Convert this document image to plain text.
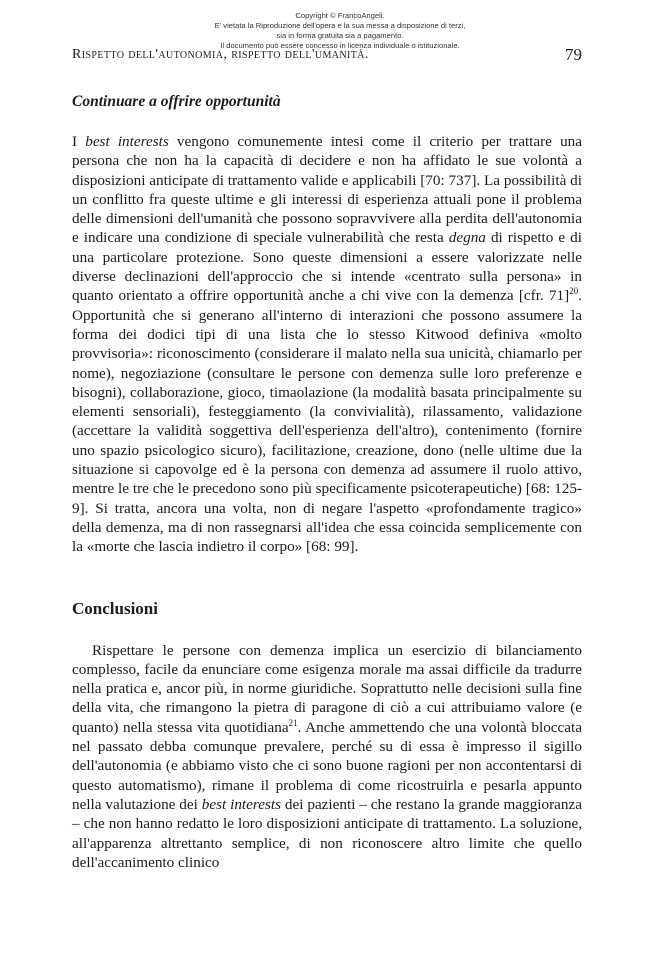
Copyright © FrancoAngeli.
E' vietata la Riproduzione dell'opera e la sua messa a disposizione di terzi,
sia in forma gratuita sia a pagamento.
Il documento può essere concesso in licenza individuale o istituzionale.
Rispetto dell'autonomia, rispetto dell'umanità.	79
Continuare a offrire opportunità

I best interests vengono comunemente intesi come il criterio per trattare una persona che non ha la capacità di decidere e non ha affidato le sue volontà a disposizioni anticipate di trattamento valide e applicabili [70: 737]. La possibilità di un conflitto fra queste ultime e gli interessi di esperienza attuali pone il problema delle dimensioni dell'umanità che possono sopravvivere alla perdita dell'autonomia e indicare una condizione di speciale vulnerabilità che resta degna di rispetto e di una particolare protezione. Sono queste dimensioni a essere valorizzate nelle diverse declinazioni dell'approccio che si intende «centrato sulla persona» in quanto orientato a offrire opportunità anche a chi vive con la demenza [cfr. 71]$^{20}$. Opportunità che si generano all'interno di interazioni che possono assumere la forma dei dodici tipi di una lista che lo stesso Kitwood definiva «molto provvisoria»: riconoscimento (considerare il malato nella sua unicità, chiamarlo per nome), negoziazione (consultare le persone con demenza sulle loro preferenze e bisogni), collaborazione, gioco, timaolazione (la modalità basata principalmente su elementi sensoriali), festeggiamento (la convivialità), rilassamento, validazione (accettare la validità soggettiva dell'esperienza dell'altro), contenimento (fornire uno spazio psicologico sicuro), facilitazione, creazione, dono (nelle ultime due la situazione si capovolge ed è la persona con demenza ad assumere il ruolo attivo, mentre le tre che le precedono sono più specificamente psicoterapeutiche) [68: 125-9]. Si tratta, ancora una volta, non di negare l'aspetto «profondamente tragico» della demenza, ma di non rassegnarsi all'idea che essa coincida semplicemente con la «morte che lascia indietro il corpo» [68: 99].

Conclusioni

Rispettare le persone con demenza implica un esercizio di bilanciamento complesso, facile da enunciare come esigenza morale ma assai difficile da tradurre nella pratica e, ancor più, in norme giuridiche. Soprattutto nelle decisioni sulla fine della vita, che rimangono la pietra di paragone di ciò a cui attribuiamo valore (e quanto) nella stessa vita quotidiana$^{21}$. Anche ammettendo che una volontà bloccata nel passato debba comunque prevalere, perché su di essa è impresso il sigillo dell'autonomia (e abbiamo visto che ci sono buone ragioni per non accontentarsi di questo automatismo), rimane il problema di come ricostruirla e pesarla appunto nella valutazione dei best interests dei pazienti – che restano la grande maggioranza – che non hanno redatto le loro disposizioni anticipate di trattamento. La soluzione, all'apparenza altrettanto semplice, di non riconoscere altro limite che quello dell'accanimento clinico
